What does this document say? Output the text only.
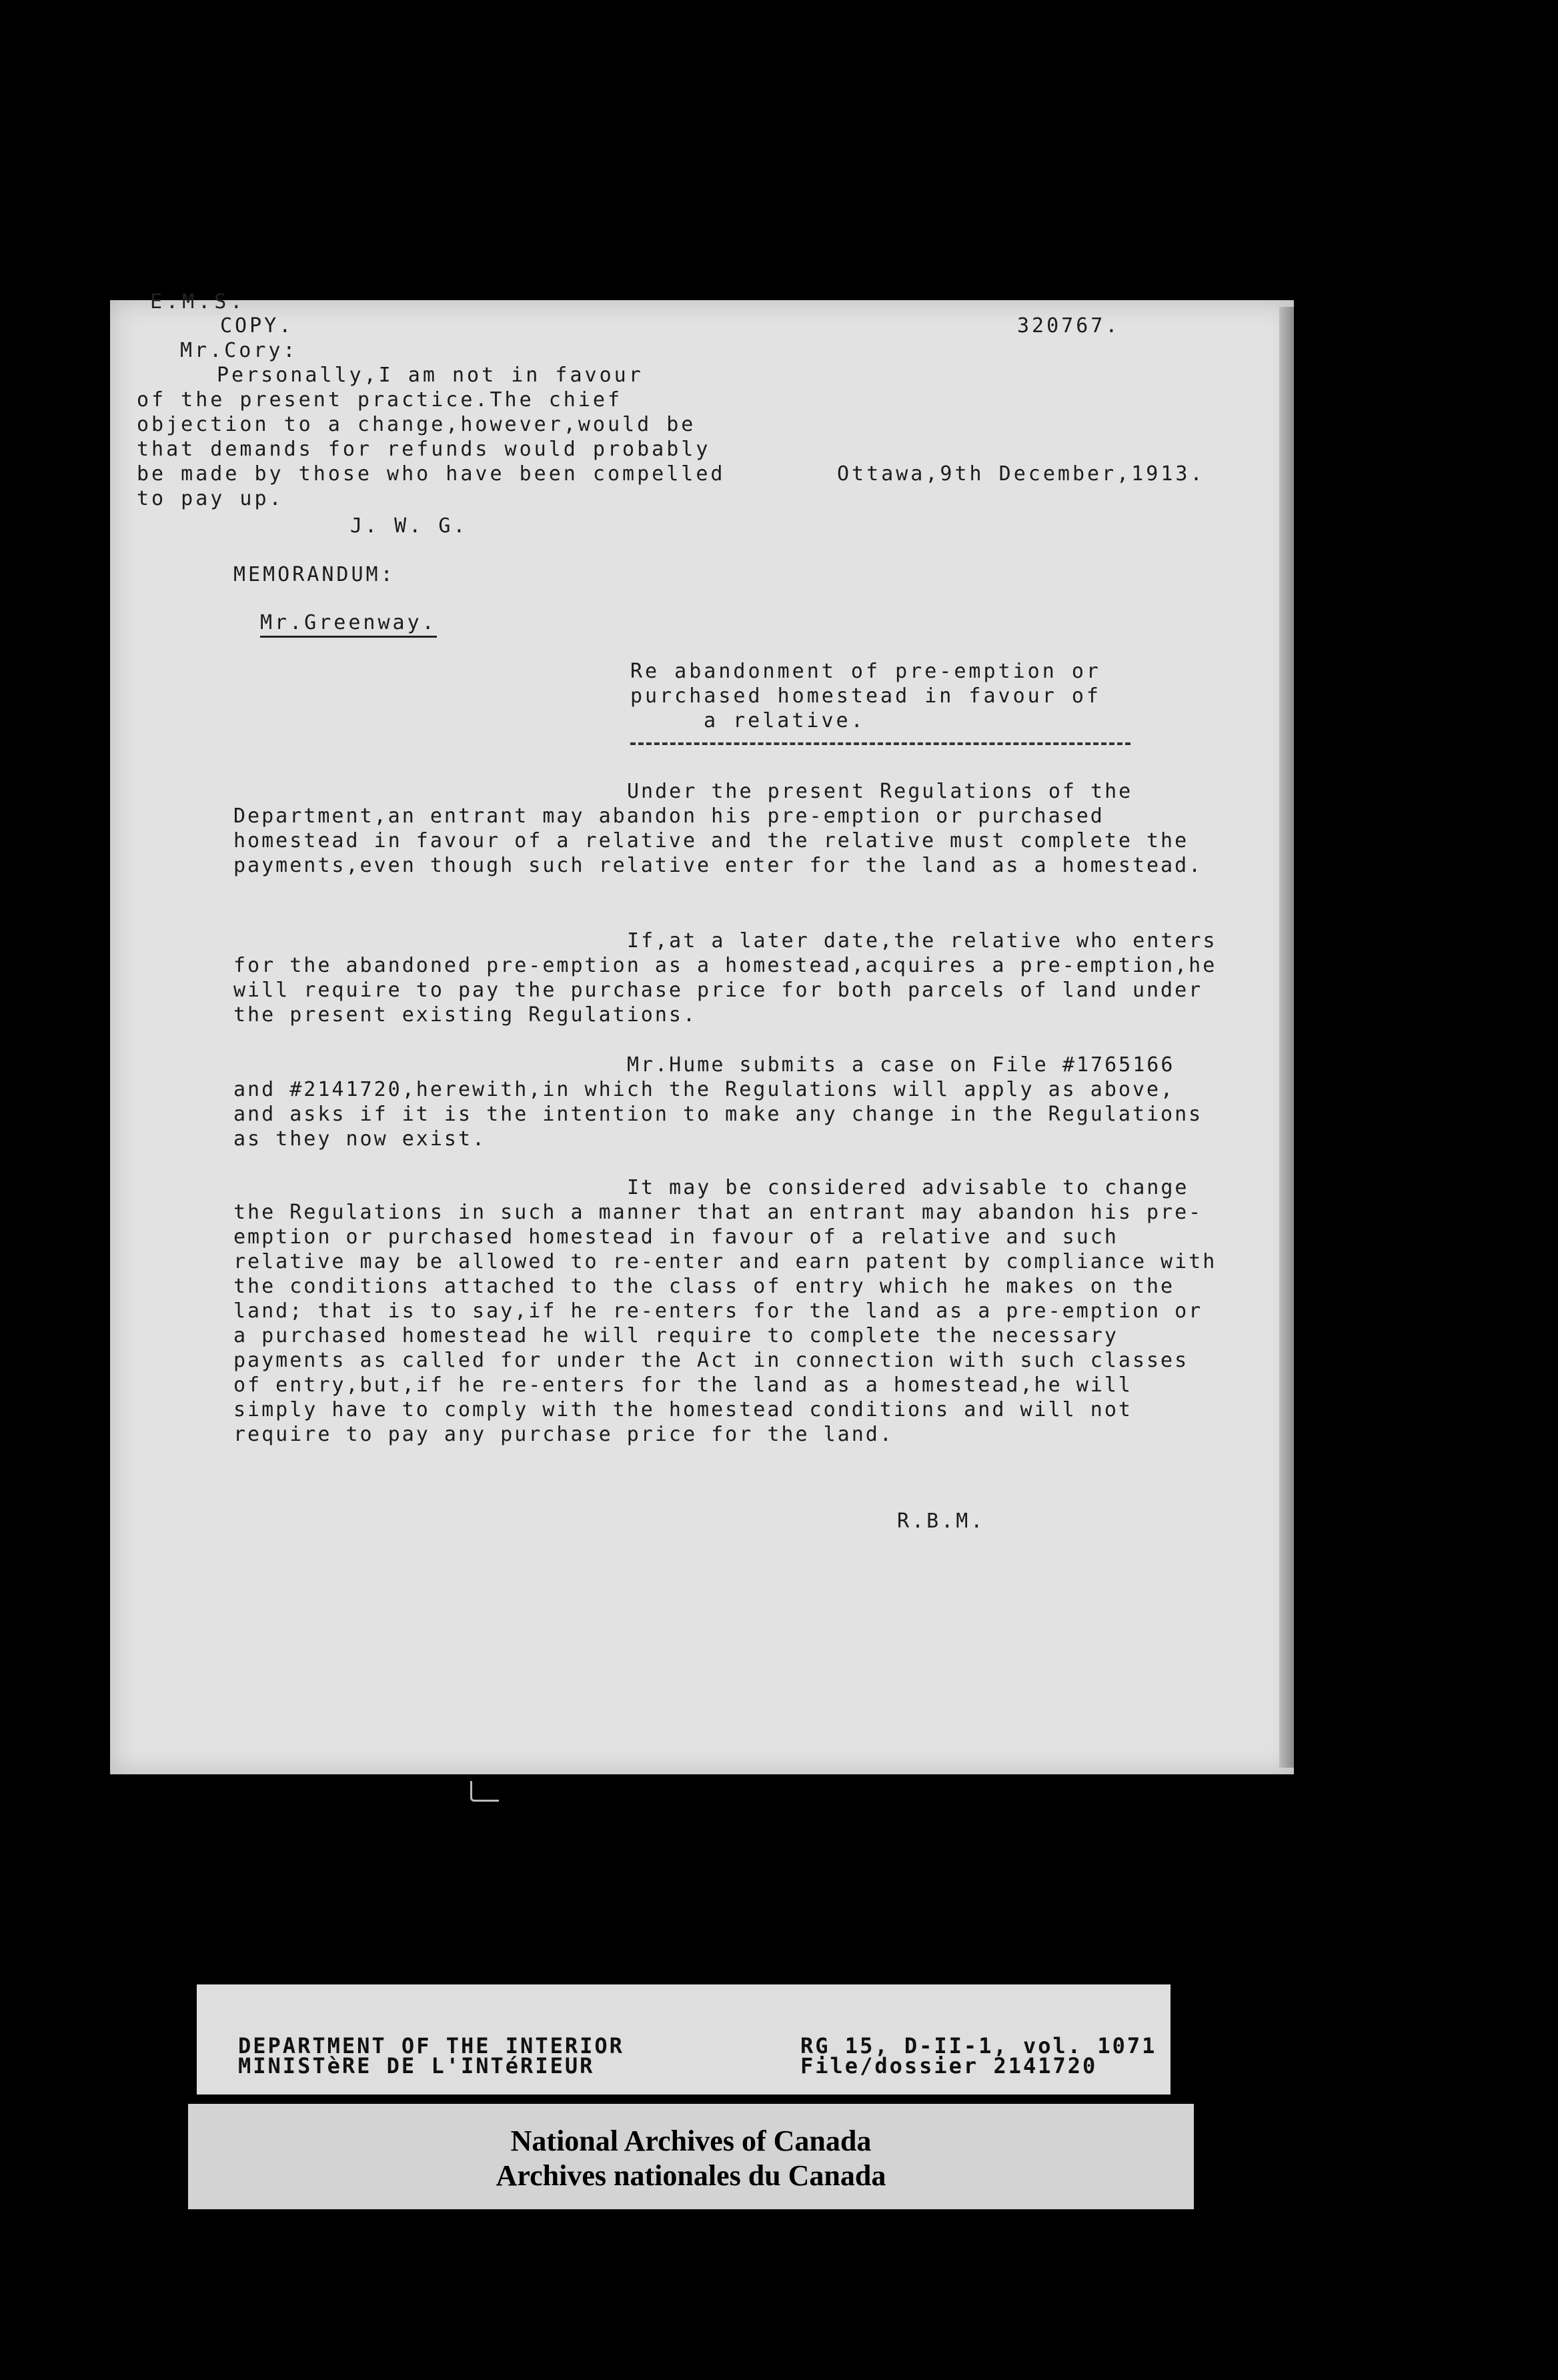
E.M.S.
COPY.	320767.
Mr.Cory:
Personally,I am not in favour
of the present practice.The chief
objection to a change,however,would be
that demands for refunds would probably
be made by those who have been compelled
to pay up.
J. W. G.
Ottawa,9th December,1913.
MEMORANDUM:
Mr.Greenway.
Re abandonment of pre-emption or
purchased homestead in favour of
a relative.
Under the present Regulations of the Department,an entrant may abandon his pre-emption or purchased homestead in favour of a relative and the relative must complete the payments,even though such relative enter for the land as a homestead.
If,at a later date,the relative who enters for the abandoned pre-emption as a homestead,acquires a pre-emption,he will require to pay the purchase price for both parcels of land under the present existing Regulations.
Mr.Hume submits a case on File #1765166 and #2141720,herewith,in which the Regulations will apply as above, and asks if it is the intention to make any change in the Regulations as they now exist.
It may be considered advisable to change the Regulations in such a manner that an entrant may abandon his pre-emption or purchased homestead in favour of a relative and such relative may be allowed to re-enter and earn patent by compliance with the conditions attached to the class of entry which he makes on the land; that is to say,if he re-enters for the land as a pre-emption or a purchased homestead he will require to complete the necessary payments as called for under the Act in connection with such classes of entry,but,if he re-enters for the land as a homestead,he will simply have to comply with the homestead conditions and will not require to pay any purchase price for the land.
R.B.M.
DEPARTMENT OF THE INTERIOR
MINISTèRE DE L'INTéRIEUR
RG 15, D-II-1, vol. 1071
File/dossier 2141720
National Archives of Canada
Archives nationales du Canada
